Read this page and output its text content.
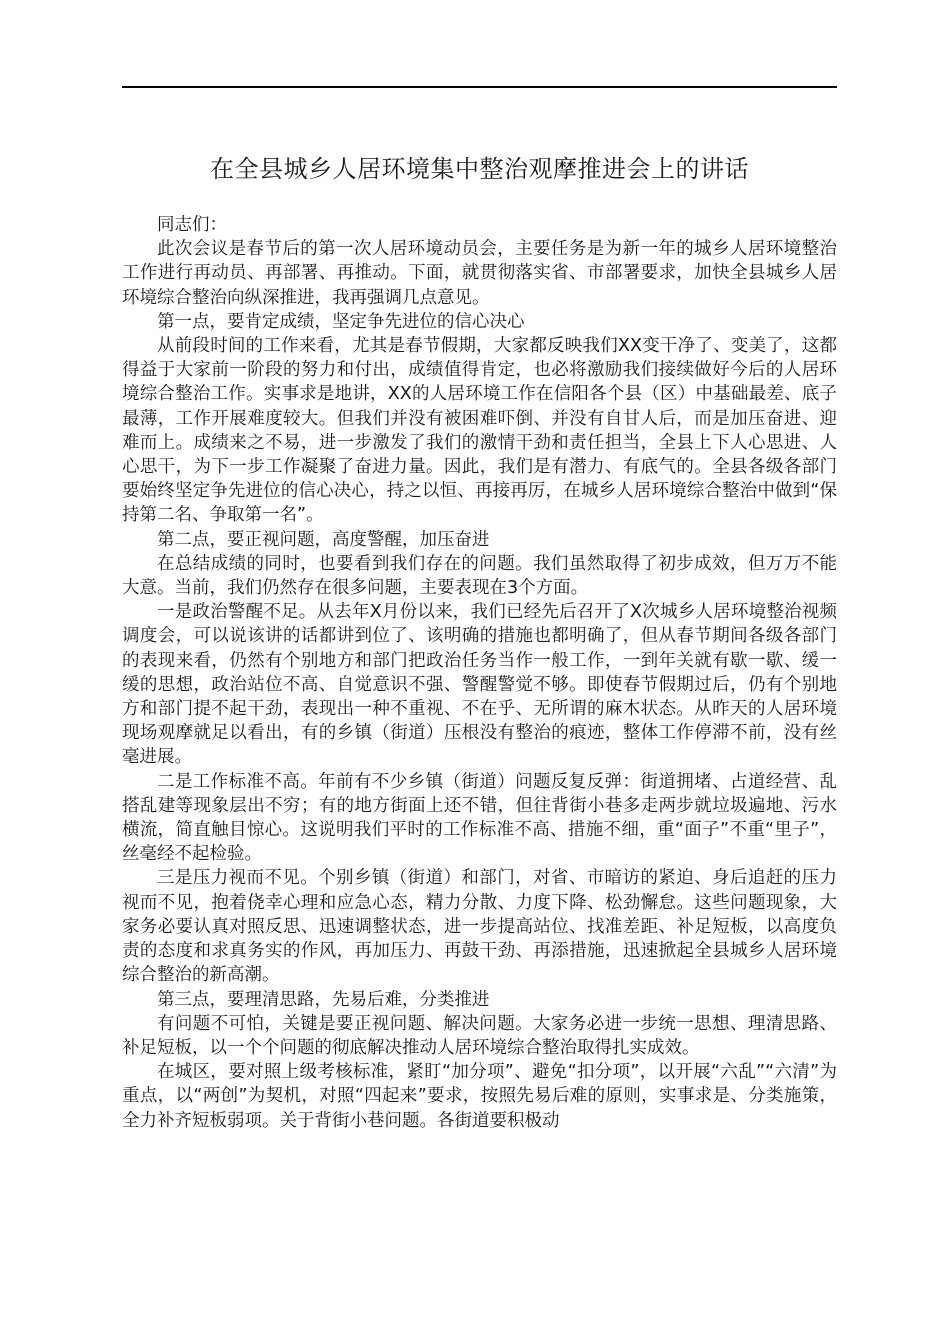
在全县城乡人居环境集中整治观摩推进会上的讲话

同志们：

此次会议是春节后的第一次人居环境动员会，主要任务是为新一年的城乡人居环境整治工作进行再动员、再部署、再推动。下面，就贯彻落实省、市部署要求，加快全县城乡人居环境综合整治向纵深推进，我再强调几点意见。

第一点，要肯定成绩，坚定争先进位的信心决心

从前段时间的工作来看，尤其是春节假期，大家都反映我们XX变干净了、变美了，这都得益于大家前一阶段的努力和付出，成绩值得肯定，也必将激励我们接续做好今后的人居环境综合整治工作。实事求是地讲，XX的人居环境工作在信阳各个县（区）中基础最差、底子最薄，工作开展难度较大。但我们并没有被困难吓倒、并没有自甘人后，而是加压奋进、迎难而上。成绩来之不易，进一步激发了我们的激情干劲和责任担当，全县上下人心思进、人心思干，为下一步工作凝聚了奋进力量。因此，我们是有潜力、有底气的。全县各级各部门要始终坚定争先进位的信心决心，持之以恒、再接再厉，在城乡人居环境综合整治中做到“保持第二名、争取第一名”。

第二点，要正视问题，高度警醒，加压奋进

在总结成绩的同时，也要看到我们存在的问题。我们虽然取得了初步成效，但万万不能大意。当前，我们仍然存在很多问题，主要表现在3个方面。

一是政治警醒不足。从去年X月份以来，我们已经先后召开了X次城乡人居环境整治视频调度会，可以说该讲的话都讲到位了、该明确的措施也都明确了，但从春节期间各级各部门的表现来看，仍然有个别地方和部门把政治任务当作一般工作，一到年关就有歇一歇、缓一缓的思想，政治站位不高、自觉意识不强、警醒警觉不够。即使春节假期过后，仍有个别地方和部门提不起干劲，表现出一种不重视、不在乎、无所谓的麻木状态。从昨天的人居环境现场观摩就足以看出，有的乡镇（街道）压根没有整治的痕迹，整体工作停滞不前，没有丝毫进展。

二是工作标准不高。年前有不少乡镇（街道）问题反复反弹：街道拥堵、占道经营、乱搭乱建等现象层出不穷；有的地方街面上还不错，但往背街小巷多走两步就垃圾遍地、污水横流，简直触目惊心。这说明我们平时的工作标准不高、措施不细，重“面子”不重“里子”，丝毫经不起检验。

三是压力视而不见。个别乡镇（街道）和部门，对省、市暗访的紧迫、身后追赶的压力视而不见，抱着侥幸心理和应急心态，精力分散、力度下降、松劲懈怠。这些问题现象，大家务必要认真对照反思、迅速调整状态，进一步提高站位、找准差距、补足短板，以高度负责的态度和求真务实的作风，再加压力、再鼓干劲、再添措施，迅速掀起全县城乡人居环境综合整治的新高潮。

第三点，要理清思路，先易后难，分类推进

有问题不可怕，关键是要正视问题、解决问题。大家务必进一步统一思想、理清思路、补足短板，以一个个问题的彻底解决推动人居环境综合整治取得扎实成效。

在城区，要对照上级考核标准，紧盯“加分项”、避免“扣分项”，以开展“六乱”“六清”为重点，以“两创”为契机，对照“四起来”要求，按照先易后难的原则，实事求是、分类施策，全力补齐短板弱项。关于背街小巷问题。各街道要积极动
